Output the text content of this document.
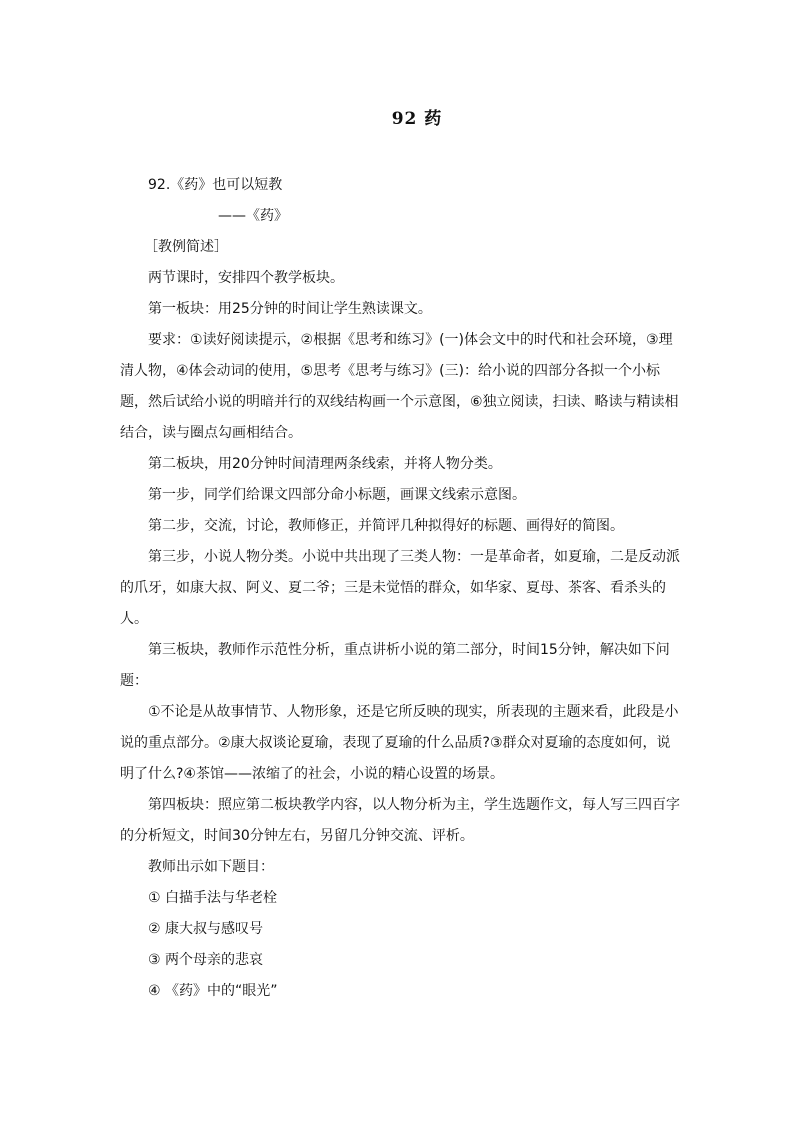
92 药

92.《药》也可以短教

——《药》

［教例简述］

两节课时，安排四个教学板块。

第一板块：用25分钟的时间让学生熟读课文。

要求：①读好阅读提示，②根据《思考和练习》(一)体会文中的时代和社会环境，③理清人物，④体会动词的使用，⑤思考《思考与练习》(三)：给小说的四部分各拟一个小标题，然后试给小说的明暗并行的双线结构画一个示意图，⑥独立阅读，扫读、略读与精读相结合，读与圈点勾画相结合。

第二板块，用20分钟时间清理两条线索，并将人物分类。

第一步，同学们给课文四部分命小标题，画课文线索示意图。

第二步，交流，讨论，教师修正，并简评几种拟得好的标题、画得好的简图。

第三步，小说人物分类。小说中共出现了三类人物：一是革命者，如夏瑜，二是反动派的爪牙，如康大叔、阿义、夏二爷；三是未觉悟的群众，如华家、夏母、茶客、看杀头的人。

第三板块，教师作示范性分析，重点讲析小说的第二部分，时间15分钟，解决如下问题：

①不论是从故事情节、人物形象，还是它所反映的现实，所表现的主题来看，此段是小说的重点部分。②康大叔谈论夏瑜，表现了夏瑜的什么品质?③群众对夏瑜的态度如何，说明了什么?④茶馆——浓缩了的社会，小说的精心设置的场景。

第四板块：照应第二板块教学内容，以人物分析为主，学生选题作文，每人写三四百字的分析短文，时间30分钟左右，另留几分钟交流、评析。

教师出示如下题目：

① 白描手法与华老栓

② 康大叔与感叹号

③ 两个母亲的悲哀

④ 《药》中的“眼光”
